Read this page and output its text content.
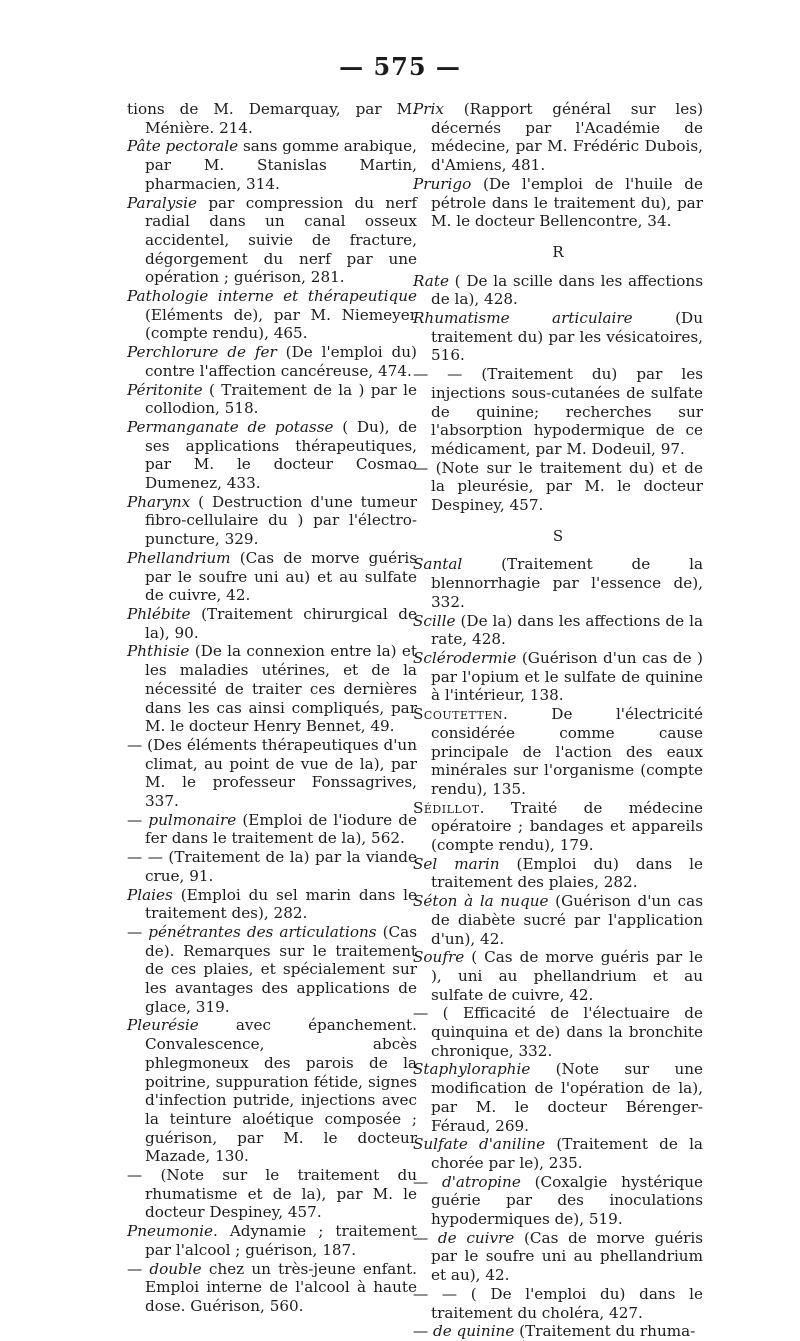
— 575 —

tions de M. Demarquay, par M. Ménière. 214.

Pâte pectorale sans gomme arabique, par M. Stanislas Martin, pharmacien, 314.

Paralysie par compression du nerf radial dans un canal osseux accidentel, suivie de fracture, dégorgement du nerf par une opération ; guérison, 281.

Pathologie interne et thérapeutique (Eléments de), par M. Niemeyer (compte rendu), 465.

Perchlorure de fer (De l'emploi du) contre l'affection cancéreuse, 474.

Péritonite ( Traitement de la ) par le collodion, 518.

Permanganate de potasse ( Du), de ses applications thérapeutiques, par M. le docteur Cosmao Dumenez, 433.

Pharynx ( Destruction d'une tumeur fibro-cellulaire du ) par l'électro-puncture, 329.

Phellandrium (Cas de morve guéris par le soufre uni au) et au sulfate de cuivre, 42.

Phlébite (Traitement chirurgical de la), 90.

Phthisie (De la connexion entre la) et les maladies utérines, et de la nécessité de traiter ces dernières dans les cas ainsi compliqués, par M. le docteur Henry Bennet, 49.

— (Des éléments thérapeutiques d'un climat, au point de vue de la), par M. le professeur Fonssagrives, 337.

— pulmonaire (Emploi de l'iodure de fer dans le traitement de la), 562.

— — (Traitement de la) par la viande crue, 91.

Plaies (Emploi du sel marin dans le traitement des), 282.

— pénétrantes des articulations (Cas de). Remarques sur le traitement de ces plaies, et spécialement sur les avantages des applications de glace, 319.

Pleurésie avec épanchement. Convalescence, abcès phlegmoneux des parois de la poitrine, suppuration fétide, signes d'infection putride, injections avec la teinture aloétique composée ; guérison, par M. le docteur Mazade, 130.

— (Note sur le traitement du rhumatisme et de la), par M. le docteur Despiney, 457.

Pneumonie. Adynamie ; traitement par l'alcool ; guérison, 187.

— double chez un très-jeune enfant. Emploi interne de l'alcool à haute dose. Guérison, 560.

Prix (Rapport général sur les) décernés par l'Académie de médecine, par M. Frédéric Dubois, d'Amiens, 481.

Prurigo (De l'emploi de l'huile de pétrole dans le traitement du), par M. le docteur Bellencontre, 34.

R

Rate ( De la scille dans les affections de la), 428.

Rhumatisme articulaire (Du traitement du) par les vésicatoires, 516.

— — (Traitement du) par les injections sous-cutanées de sulfate de quinine; recherches sur l'absorption hypodermique de ce médicament, par M. Dodeuil, 97.

— (Note sur le traitement du) et de la pleurésie, par M. le docteur Despiney, 457.

S

Santal (Traitement de la blennorrhagie par l'essence de), 332.

Scille (De la) dans les affections de la rate, 428.

Sclérodermie (Guérison d'un cas de ) par l'opium et le sulfate de quinine à l'intérieur, 138.

Scoutetten. De l'électricité considérée comme cause principale de l'action des eaux minérales sur l'organisme (compte rendu), 135.

Sédillot. Traité de médecine opératoire ; bandages et appareils (compte rendu), 179.

Sel marin (Emploi du) dans le traitement des plaies, 282.

Séton à la nuque (Guérison d'un cas de diabète sucré par l'application d'un), 42.

Soufre ( Cas de morve guéris par le ), uni au phellandrium et au sulfate de cuivre, 42.

— ( Efficacité de l'électuaire de quinquina et de) dans la bronchite chronique, 332.

Staphyloraphie (Note sur une modification de l'opération de la), par M. le docteur Bérenger-Féraud, 269.

Sulfate d'aniline (Traitement de la chorée par le), 235.

— d'atropine (Coxalgie hystérique guérie par des inoculations hypodermiques de), 519.

— de cuivre (Cas de morve guéris par le soufre uni au phellandrium et au), 42.

— — ( De l'emploi du) dans le traitement du choléra, 427.

— de quinine (Traitement du rhuma-
